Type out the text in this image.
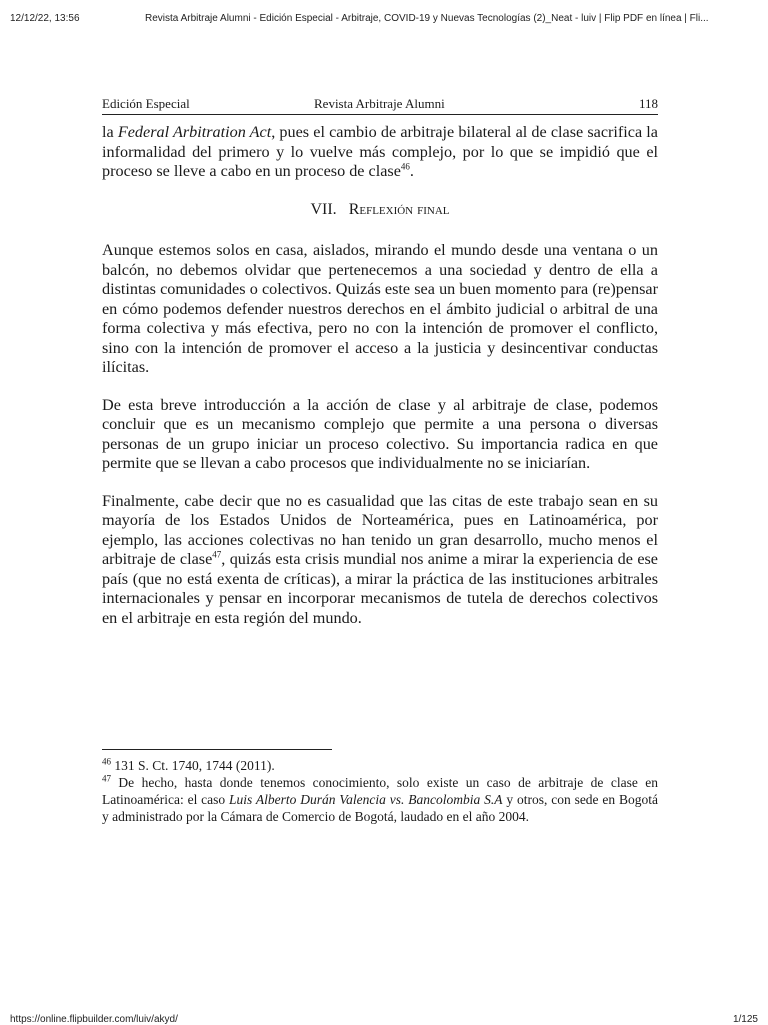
12/12/22, 13:56	Revista Arbitraje Alumni - Edición Especial - Arbitraje, COVID-19 y Nuevas Tecnologías (2)_Neat - luiv | Flip PDF en línea | Fli...
Edición Especial	Revista Arbitraje Alumni	118

la Federal Arbitration Act, pues el cambio de arbitraje bilateral al de clase sacrifica la informalidad del primero y lo vuelve más complejo, por lo que se impidió que el proceso se lleve a cabo en un proceso de clase$^{46}$.

VII. Reflexión final

Aunque estemos solos en casa, aislados, mirando el mundo desde una ventana o un balcón, no debemos olvidar que pertenecemos a una sociedad y dentro de ella a distintas comunidades o colectivos. Quizás este sea un buen momento para (re)pensar en cómo podemos defender nuestros derechos en el ámbito judicial o arbitral de una forma colectiva y más efectiva, pero no con la intención de promover el conflicto, sino con la intención de promover el acceso a la justicia y desincentivar conductas ilícitas.

De esta breve introducción a la acción de clase y al arbitraje de clase, podemos concluir que es un mecanismo complejo que permite a una persona o diversas personas de un grupo iniciar un proceso colectivo. Su importancia radica en que permite que se llevan a cabo procesos que individualmente no se iniciarían.

Finalmente, cabe decir que no es casualidad que las citas de este trabajo sean en su mayoría de los Estados Unidos de Norteamérica, pues en Latinoamérica, por ejemplo, las acciones colectivas no han tenido un gran desarrollo, mucho menos el arbitraje de clase$^{47}$, quizás esta crisis mundial nos anime a mirar la experiencia de ese país (que no está exenta de críticas), a mirar la práctica de las instituciones arbitrales internacionales y pensar en incorporar mecanismos de tutela de derechos colectivos en el arbitraje en esta región del mundo.

$^{46}$ 131 S. Ct. 1740, 1744 (2011).

$^{47}$ De hecho, hasta donde tenemos conocimiento, solo existe un caso de arbitraje de clase en Latinoamérica: el caso Luis Alberto Durán Valencia vs. Bancolombia S.A y otros, con sede en Bogotá y administrado por la Cámara de Comercio de Bogotá, laudado en el año 2004.

https://online.flipbuilder.com/luiv/akyd/	1/125
